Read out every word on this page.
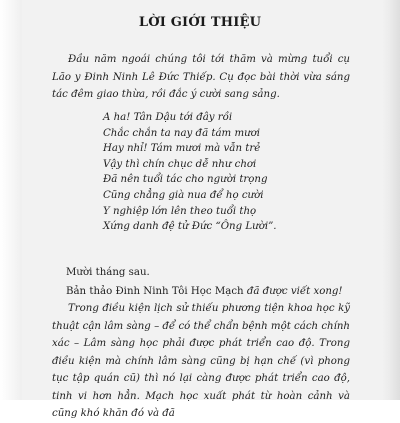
LỜI GIỚI THIỆU

Đầu năm ngoái chúng tôi tới thăm và mừng tuổi cụ Lão y Đinh Ninh Lê Đức Thiếp. Cụ đọc bài thời vừa sáng tác đêm giao thừa, rồi đắc ý cười sang sảng.

A ha! Tân Dậu tới đây rồi
Chắc chắn ta nay đã tám mươi
Hay nhỉ! Tám mươi mà vẫn trẻ
Vậy thì chín chục dễ như chơi
Đã nên tuổi tác cho người trọng
Cũng chẳng già nua để họ cười
Y nghiệp lớn lên theo tuổi thọ
Xứng danh đệ tử Đức “Ông Lười”.

Mười tháng sau.

Bản thảo Đinh Ninh Tôi Học Mạch đã được viết xong!

Trong điều kiện lịch sử thiếu phương tiện khoa học kỹ thuật cận lâm sàng – để có thể chẩn bệnh một cách chính xác – Lâm sàng học phải được phát triển cao độ. Trong điều kiện mà chính lâm sàng cũng bị hạn chế (vì phong tục tập quán cũ) thì nó lại càng được phát triển cao độ, tinh vi hơn hẳn. Mạch học xuất phát từ hoàn cảnh và cũng khó khăn đó và đã
